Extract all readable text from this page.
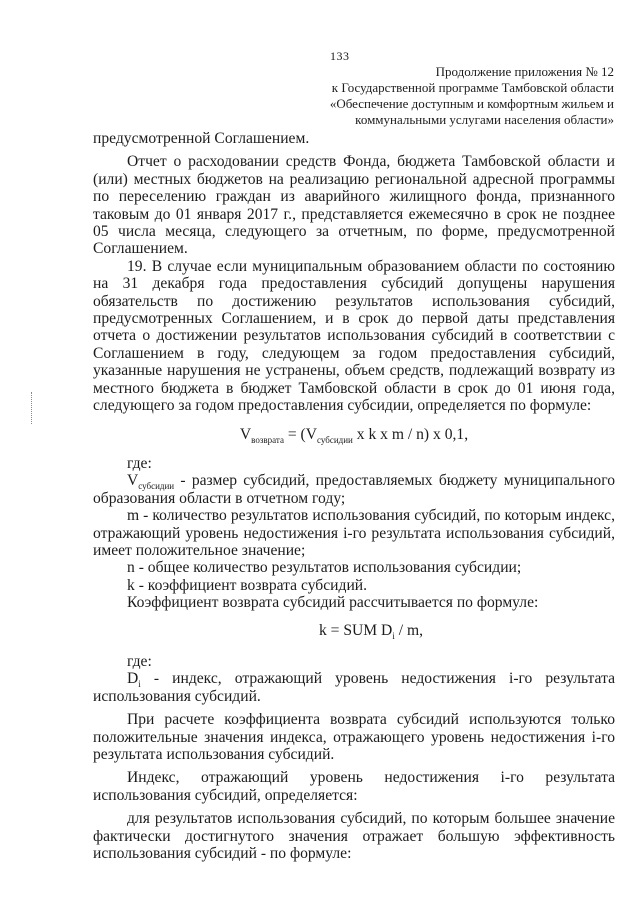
133
Продолжение приложения № 12
к Государственной программе Тамбовской области
«Обеспечение доступным и комфортным жильем и
коммунальными услугами населения области»

предусмотренной Соглашением.

Отчет о расходовании средств Фонда, бюджета Тамбовской области и (или) местных бюджетов на реализацию региональной адресной программы по переселению граждан из аварийного жилищного фонда, признанного таковым до 01 января 2017 г., представляется ежемесячно в срок не позднее 05 числа месяца, следующего за отчетным, по форме, предусмотренной Соглашением.

19. В случае если муниципальным образованием области по состоянию на 31 декабря года предоставления субсидий допущены нарушения обязательств по достижению результатов использования субсидий, предусмотренных Соглашением, и в срок до первой даты представления отчета о достижении результатов использования субсидий в соответствии с Соглашением в году, следующем за годом предоставления субсидий, указанные нарушения не устранены, объем средств, подлежащий возврату из местного бюджета в бюджет Тамбовской области в срок до 01 июня года, следующего за годом предоставления субсидии, определяется по формуле:

$V_{возврата} = (V_{субсидии}$ x k x m / n) x 0,1,

где:

$V_{субсидии}$ - размер субсидий, предоставляемых бюджету муниципального образования области в отчетном году;

m - количество результатов использования субсидий, по которым индекс, отражающий уровень недостижения i-го результата использования субсидий, имеет положительное значение;

n - общее количество результатов использования субсидии;

k - коэффициент возврата субсидий.

Коэффициент возврата субсидий рассчитывается по формуле:

k = SUM $D_i$ / m,

где:

$D_i$ - индекс, отражающий уровень недостижения i-го результата использования субсидий.

При расчете коэффициента возврата субсидий используются только положительные значения индекса, отражающего уровень недостижения i-го результата использования субсидий.

Индекс, отражающий уровень недостижения i-го результата использования субсидий, определяется:

для результатов использования субсидий, по которым большее значение фактически достигнутого значения отражает большую эффективность использования субсидий - по формуле:
